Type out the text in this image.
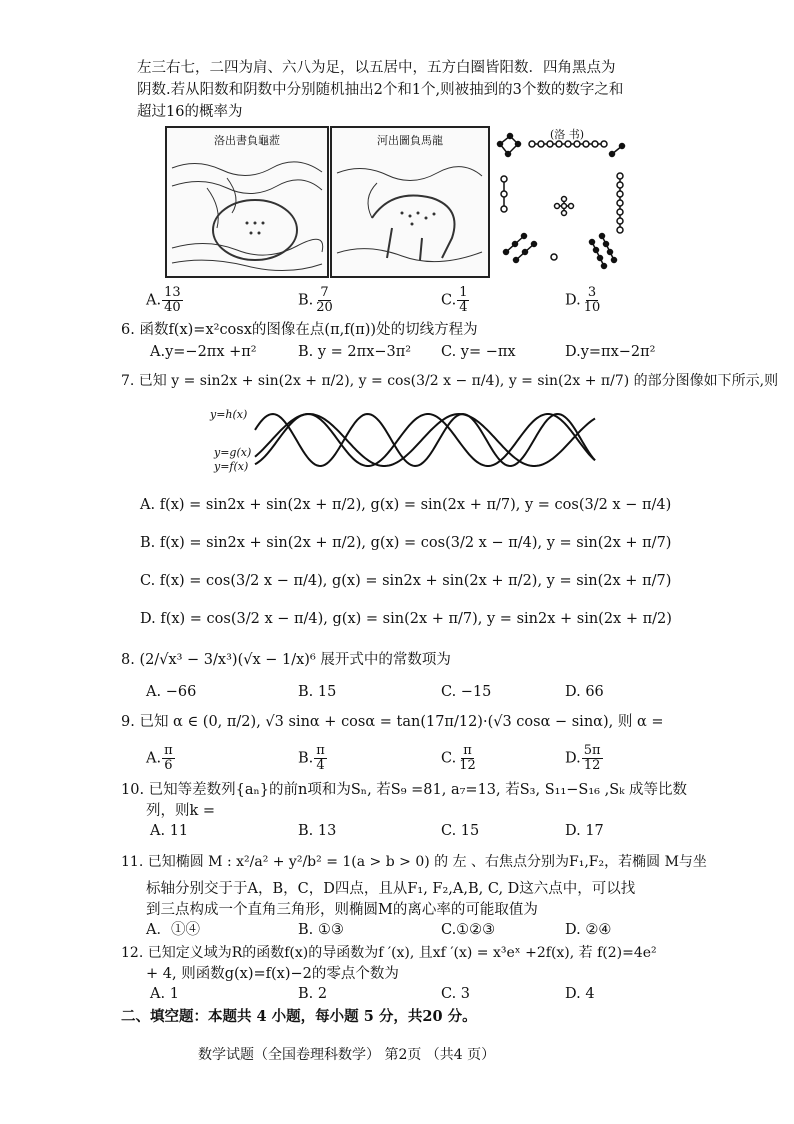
左三右七，二四为肩、六八为足，以五居中，五方白圈皆阳数．四角黑点为
阴数.若从阳数和阴数中分别随机抽出2个和1个,则被抽到的3个数的数字之和
超过16的概率为
洛出書負龜蒞	河出圖負馬龍	(洛 书)
A. $\frac{13}{40}$	B. $\frac{7}{20}$	C. $\frac{1}{4}$	D. $\frac{3}{10}$
6. 函数f(x)=x²cosx的图像在点(π,f(π))处的切线方程为
A.y=−2πx +π²	B. y = 2πx−3π² C. y= −πx	D.y=πx−2π²
7. 已知 y = sin2x + sin(2x + π/2), y = cos(3/2 x − π/4), y = sin(2x + π/7) 的部分图像如下所示,则
y=h(x)
y=g(x)
y=f(x)
A. f(x) = sin2x + sin(2x + π/2), g(x) = sin(2x + π/7), y = cos(3/2 x − π/4)
B. f(x) = sin2x + sin(2x + π/2), g(x) = cos(3/2 x − π/4), y = sin(2x + π/7)
C. f(x) = cos(3/2 x − π/4), g(x) = sin2x + sin(2x + π/2), y = sin(2x + π/7)
D. f(x) = cos(3/2 x − π/4), g(x) = sin(2x + π/7), y = sin2x + sin(2x + π/2)
8. (2/√x³ − 3/x³)(√x − 1/x)⁶ 展开式中的常数项为
A. −66	B. 15	C. −15	D. 66
9. 已知 α ∈ (0, π/2), √3 sinα + cosα = tan(17π/12)·(√3 cosα − sinα), 则 α =
A. $\frac{\pi}{6}$	B. $\frac{\pi}{4}$	C. $\frac{\pi}{12}$	D. $\frac{5\pi}{12}$
10. 已知等差数列{aₙ}的前n项和为Sₙ, 若S₉ =81, a₇=13, 若S₃, S₁₁−S₁₆ ,Sₖ 成等比数
列，则k =
A. 11	B. 13	C. 15	D. 17
11. 已知椭圆 M : x²/a² + y²/b² = 1(a > b > 0) 的 左 、右焦点分别为F₁,F₂，若椭圆 M与坐
标轴分别交于于A，B，C，D四点，且从F₁, F₂,A,B, C, D这六点中，可以找
到三点构成一个直角三角形，则椭圆M的离心率的可能取值为
A．①④	B. ①③	C.①②③	D. ②④
12. 已知定义域为R的函数f(x)的导函数为f ′(x), 且xf ′(x) = x³eˣ +2f(x), 若 f(2)=4e²
+ 4, 则函数g(x)=f(x)−2的零点个数为
A. 1	B. 2	C. 3	D. 4
二、填空题：本题共 4 小题，每小题 5 分，共20 分。
数学试题（全国卷理科数学） 第2页 （共4 页）
